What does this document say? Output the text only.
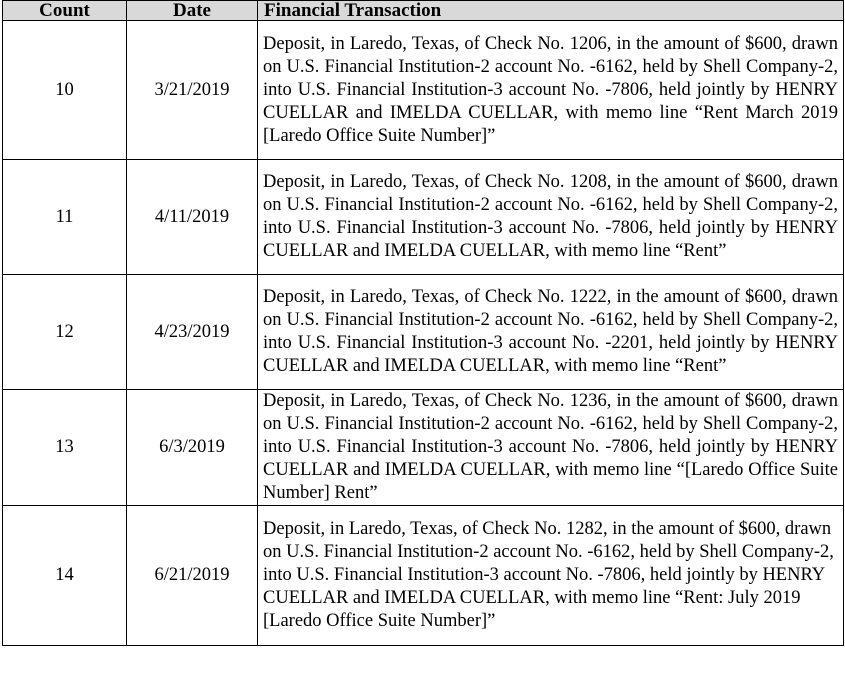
Count	Date	Financial Transaction
10	3/21/2019	Deposit, in Laredo, Texas, of Check No. 1206, in the amount of $600, drawn on U.S. Financial Institution-2 account No. -6162, held by Shell Company-2, into U.S. Financial Institution-3 account No. -7806, held jointly by HENRY CUELLAR and IMELDA CUELLAR, with memo line “Rent March 2019 [Laredo Office Suite Number]”
11	4/11/2019	Deposit, in Laredo, Texas, of Check No. 1208, in the amount of $600, drawn on U.S. Financial Institution-2 account No. -6162, held by Shell Company-2, into U.S. Financial Institution-3 account No. -7806, held jointly by HENRY CUELLAR and IMELDA CUELLAR, with memo line “Rent”
12	4/23/2019	Deposit, in Laredo, Texas, of Check No. 1222, in the amount of $600, drawn on U.S. Financial Institution-2 account No. -6162, held by Shell Company-2, into U.S. Financial Institution-3 account No. -2201, held jointly by HENRY CUELLAR and IMELDA CUELLAR, with memo line “Rent”
13	6/3/2019	Deposit, in Laredo, Texas, of Check No. 1236, in the amount of $600, drawn on U.S. Financial Institution-2 account No. -6162, held by Shell Company-2, into U.S. Financial Institution-3 account No. -7806, held jointly by HENRY CUELLAR and IMELDA CUELLAR, with memo line “[Laredo Office Suite Number] Rent”
14	6/21/2019	Deposit, in Laredo, Texas, of Check No. 1282, in the amount of $600, drawn on U.S. Financial Institution-2 account No. -6162, held by Shell Company-2, into U.S. Financial Institution-3 account No. -7806, held jointly by HENRY CUELLAR and IMELDA CUELLAR, with memo line “Rent: July 2019 [Laredo Office Suite Number]”
